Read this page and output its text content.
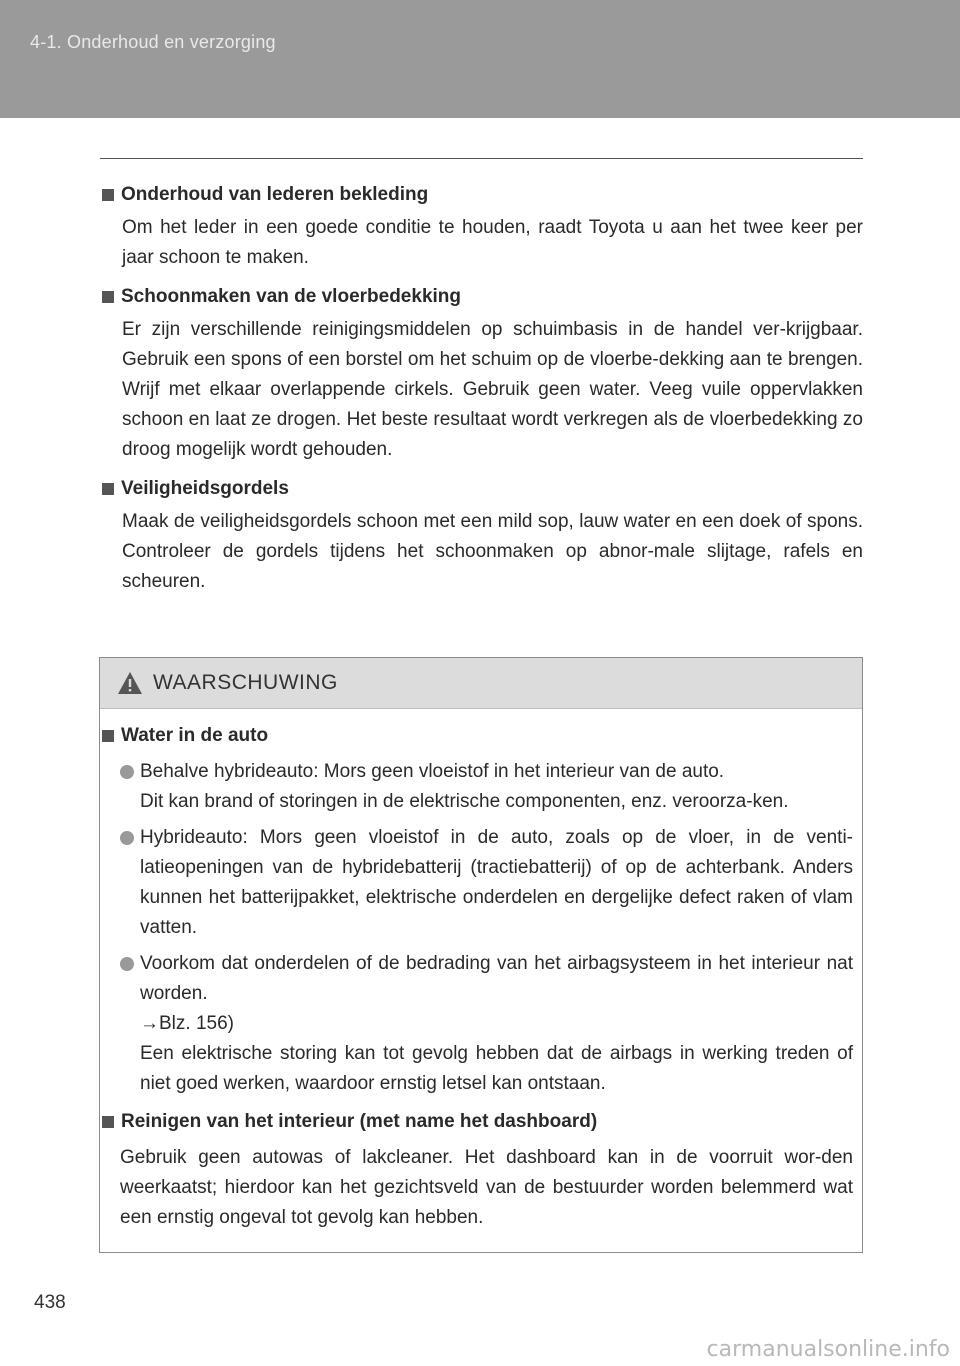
4-1. Onderhoud en verzorging
Onderhoud van lederen bekleding
Om het leder in een goede conditie te houden, raadt Toyota u aan het twee keer per jaar schoon te maken.
Schoonmaken van de vloerbedekking
Er zijn verschillende reinigingsmiddelen op schuimbasis in de handel ver-krijgbaar. Gebruik een spons of een borstel om het schuim op de vloerbe-dekking aan te brengen. Wrijf met elkaar overlappende cirkels. Gebruik geen water. Veeg vuile oppervlakken schoon en laat ze drogen. Het beste resultaat wordt verkregen als de vloerbedekking zo droog mogelijk wordt gehouden.
Veiligheidsgordels
Maak de veiligheidsgordels schoon met een mild sop, lauw water en een doek of spons. Controleer de gordels tijdens het schoonmaken op abnor-male slijtage, rafels en scheuren.
WAARSCHUWING
Water in de auto
Behalve hybrideauto: Mors geen vloeistof in het interieur van de auto.
Dit kan brand of storingen in de elektrische componenten, enz. veroorza-ken.
Hybrideauto: Mors geen vloeistof in de auto, zoals op de vloer, in de venti-latieopeningen van de hybridebatterij (tractiebatterij) of op de achterbank. Anders kunnen het batterijpakket, elektrische onderdelen en dergelijke defect raken of vlam vatten.
Voorkom dat onderdelen of de bedrading van het airbagsysteem in het interieur nat worden.
→Blz. 156)
Een elektrische storing kan tot gevolg hebben dat de airbags in werking treden of niet goed werken, waardoor ernstig letsel kan ontstaan.
Reinigen van het interieur (met name het dashboard)
Gebruik geen autowas of lakcleaner. Het dashboard kan in de voorruit wor-den weerkaatst; hierdoor kan het gezichtsveld van de bestuurder worden belemmerd wat een ernstig ongeval tot gevolg kan hebben.
438
carmanualsonline.info
